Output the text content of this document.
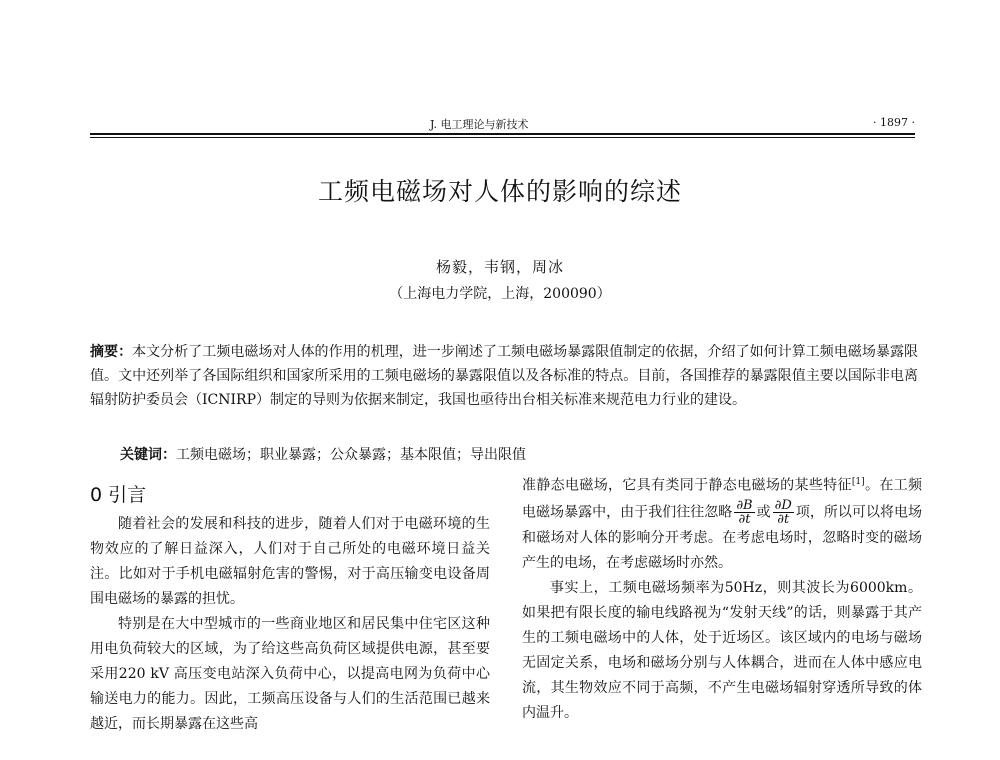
J. 电工理论与新技术	· 1897 ·
工频电磁场对人体的影响的综述
杨毅，韦钢，周冰
（上海电力学院，上海，200090）
摘要：本文分析了工频电磁场对人体的作用的机理，进一步阐述了工频电磁场暴露限值制定的依据，介绍了如何计算工频电磁场暴露限值。文中还列举了各国际组织和国家所采用的工频电磁场的暴露限值以及各标准的特点。目前，各国推荐的暴露限值主要以国际非电离辐射防护委员会（ICNIRP）制定的导则为依据来制定，我国也亟待出台相关标准来规范电力行业的建设。
关键词：工频电磁场；职业暴露；公众暴露；基本限值；导出限值
0 引言

随着社会的发展和科技的进步，随着人们对于电磁环境的生物效应的了解日益深入，人们对于自己所处的电磁环境日益关注。比如对于手机电磁辐射危害的警惕，对于高压输变电设备周围电磁场的暴露的担忧。

特别是在大中型城市的一些商业地区和居民集中住宅区这种用电负荷较大的区域，为了给这些高负荷区域提供电源，甚至要采用220 kV 高压变电站深入负荷中心，以提高电网为负荷中心输送电力的能力。因此，工频高压设备与人们的生活范围已越来越近，而长期暴露在这些高

准静态电磁场，它具有类同于静态电磁场的某些特征[1]。在工频电磁场暴露中，由于我们往往忽略 $\frac{\partial B}{\partial t}$ 或 $\frac{\partial D}{\partial t}$ 项，所以可以将电场和磁场对人体的影响分开考虑。在考虑电场时，忽略时变的磁场产生的电场，在考虑磁场时亦然。

事实上，工频电磁场频率为50Hz，则其波长为6000km。如果把有限长度的输电线路视为“发射天线”的话，则暴露于其产生的工频电磁场中的人体，处于近场区。该区域内的电场与磁场无固定关系，电场和磁场分别与人体耦合，进而在人体中感应电流，其生物效应不同于高频，不产生电磁场辐射穿透所导致的体内温升。
